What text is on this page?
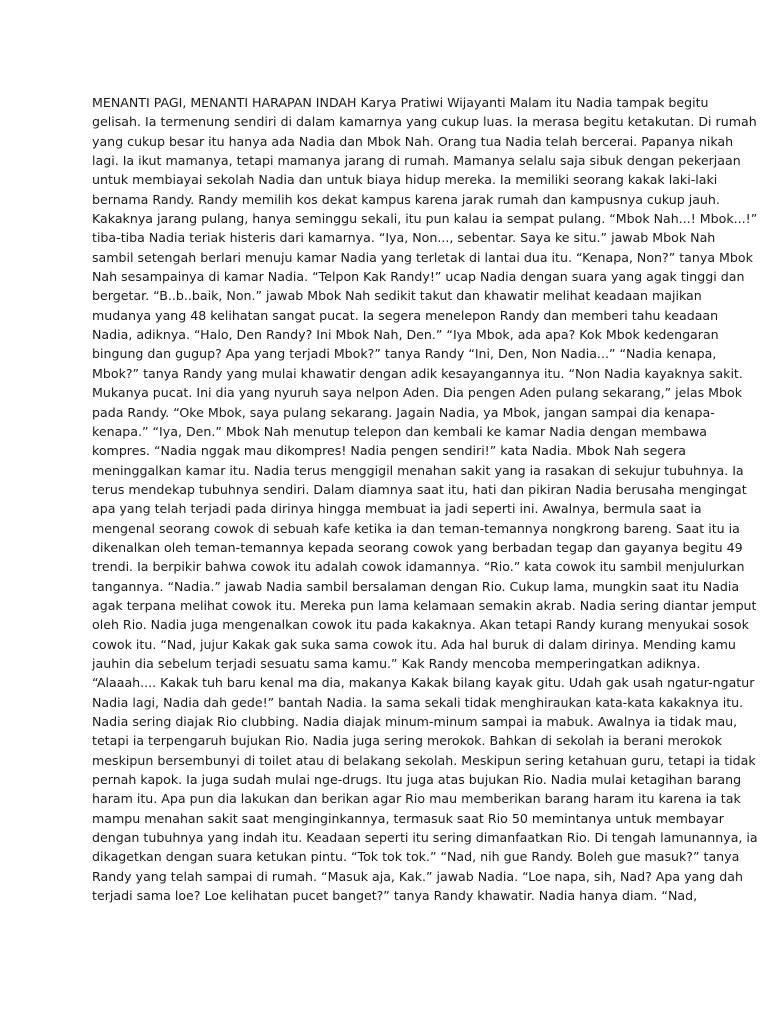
MENANTI PAGI, MENANTI HARAPAN INDAH Karya Pratiwi Wijayanti Malam itu Nadia tampak begitu
gelisah. Ia termenung sendiri di dalam kamarnya yang cukup luas. Ia merasa begitu ketakutan. Di rumah
yang cukup besar itu hanya ada Nadia dan Mbok Nah. Orang tua Nadia telah bercerai. Papanya nikah
lagi. Ia ikut mamanya, tetapi mamanya jarang di rumah. Mamanya selalu saja sibuk dengan pekerjaan
untuk membiayai sekolah Nadia dan untuk biaya hidup mereka. Ia memiliki seorang kakak laki-laki
bernama Randy. Randy memilih kos dekat kampus karena jarak rumah dan kampusnya cukup jauh.
Kakaknya jarang pulang, hanya seminggu sekali, itu pun kalau ia sempat pulang. “Mbok Nah...! Mbok...!”
tiba-tiba Nadia teriak histeris dari kamarnya. “Iya, Non..., sebentar. Saya ke situ.” jawab Mbok Nah
sambil setengah berlari menuju kamar Nadia yang terletak di lantai dua itu. “Kenapa, Non?” tanya Mbok
Nah sesampainya di kamar Nadia. “Telpon Kak Randy!” ucap Nadia dengan suara yang agak tinggi dan
bergetar. “B..b..baik, Non.” jawab Mbok Nah sedikit takut dan khawatir melihat keadaan majikan
mudanya yang 48 kelihatan sangat pucat. Ia segera menelepon Randy dan memberi tahu keadaan
Nadia, adiknya. “Halo, Den Randy? Ini Mbok Nah, Den.” “Iya Mbok, ada apa? Kok Mbok kedengaran
bingung dan gugup? Apa yang terjadi Mbok?” tanya Randy “Ini, Den, Non Nadia...” “Nadia kenapa,
Mbok?” tanya Randy yang mulai khawatir dengan adik kesayangannya itu. “Non Nadia kayaknya sakit.
Mukanya pucat. Ini dia yang nyuruh saya nelpon Aden. Dia pengen Aden pulang sekarang,” jelas Mbok
pada Randy. “Oke Mbok, saya pulang sekarang. Jagain Nadia, ya Mbok, jangan sampai dia kenapa-
kenapa.” “Iya, Den.” Mbok Nah menutup telepon dan kembali ke kamar Nadia dengan membawa
kompres. “Nadia nggak mau dikompres! Nadia pengen sendiri!” kata Nadia. Mbok Nah segera
meninggalkan kamar itu. Nadia terus menggigil menahan sakit yang ia rasakan di sekujur tubuhnya. Ia
terus mendekap tubuhnya sendiri. Dalam diamnya saat itu, hati dan pikiran Nadia berusaha mengingat
apa yang telah terjadi pada dirinya hingga membuat ia jadi seperti ini. Awalnya, bermula saat ia
mengenal seorang cowok di sebuah kafe ketika ia dan teman-temannya nongkrong bareng. Saat itu ia
dikenalkan oleh teman-temannya kepada seorang cowok yang berbadan tegap dan gayanya begitu 49
trendi. Ia berpikir bahwa cowok itu adalah cowok idamannya. “Rio.” kata cowok itu sambil menjulurkan
tangannya. “Nadia.” jawab Nadia sambil bersalaman dengan Rio. Cukup lama, mungkin saat itu Nadia
agak terpana melihat cowok itu. Mereka pun lama kelamaan semakin akrab. Nadia sering diantar jemput
oleh Rio. Nadia juga mengenalkan cowok itu pada kakaknya. Akan tetapi Randy kurang menyukai sosok
cowok itu. “Nad, jujur Kakak gak suka sama cowok itu. Ada hal buruk di dalam dirinya. Mending kamu
jauhin dia sebelum terjadi sesuatu sama kamu.” Kak Randy mencoba memperingatkan adiknya.
“Alaaah.... Kakak tuh baru kenal ma dia, makanya Kakak bilang kayak gitu. Udah gak usah ngatur-ngatur
Nadia lagi, Nadia dah gede!” bantah Nadia. Ia sama sekali tidak menghiraukan kata-kata kakaknya itu.
Nadia sering diajak Rio clubbing. Nadia diajak minum-minum sampai ia mabuk. Awalnya ia tidak mau,
tetapi ia terpengaruh bujukan Rio. Nadia juga sering merokok. Bahkan di sekolah ia berani merokok
meskipun bersembunyi di toilet atau di belakang sekolah. Meskipun sering ketahuan guru, tetapi ia tidak
pernah kapok. Ia juga sudah mulai nge-drugs. Itu juga atas bujukan Rio. Nadia mulai ketagihan barang
haram itu. Apa pun dia lakukan dan berikan agar Rio mau memberikan barang haram itu karena ia tak
mampu menahan sakit saat menginginkannya, termasuk saat Rio 50 memintanya untuk membayar
dengan tubuhnya yang indah itu. Keadaan seperti itu sering dimanfaatkan Rio. Di tengah lamunannya, ia
dikagetkan dengan suara ketukan pintu. “Tok tok tok.” “Nad, nih gue Randy. Boleh gue masuk?” tanya
Randy yang telah sampai di rumah. “Masuk aja, Kak.” jawab Nadia. “Loe napa, sih, Nad? Apa yang dah
terjadi sama loe? Loe kelihatan pucet banget?” tanya Randy khawatir. Nadia hanya diam. “Nad,
